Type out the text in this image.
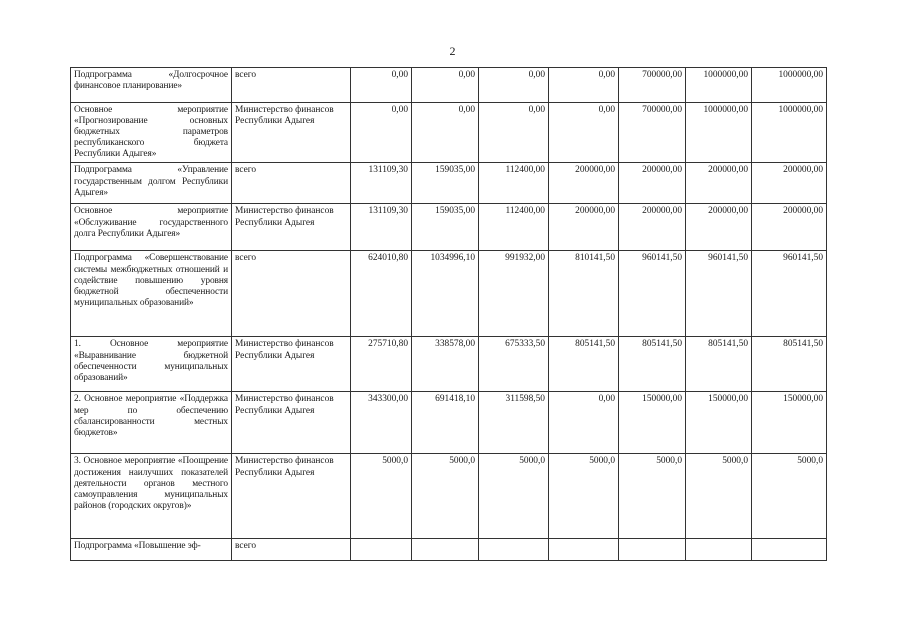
2
Подпрограмма «Долгосрочное финансовое планирование»	всего	0,00	0,00	0,00	0,00	700000,00	1000000,00	1000000,00
Основное мероприятие «Прогнозирование основных бюджетных параметров республиканского бюджета Республики Адыгея»	Министерство финансов Республики Адыгея	0,00	0,00	0,00	0,00	700000,00	1000000,00	1000000,00
Подпрограмма «Управление государственным долгом Республики Адыгея»	всего	131109,30	159035,00	112400,00	200000,00	200000,00	200000,00	200000,00
Основное мероприятие «Обслуживание государственного долга Республики Адыгея»	Министерство финансов Республики Адыгея	131109,30	159035,00	112400,00	200000,00	200000,00	200000,00	200000,00
Подпрограмма «Совершенствование системы межбюджетных отношений и содействие повышению уровня бюджетной обеспеченности муниципальных образований»	всего	624010,80	1034996,10	991932,00	810141,50	960141,50	960141,50	960141,50
1. Основное мероприятие «Выравнивание бюджетной обеспеченности муниципальных образований»	Министерство финансов Республики Адыгея	275710,80	338578,00	675333,50	805141,50	805141,50	805141,50	805141,50
2. Основное мероприятие «Поддержка мер по обеспечению сбалансированности местных бюджетов»	Министерство финансов Республики Адыгея	343300,00	691418,10	311598,50	0,00	150000,00	150000,00	150000,00
3. Основное мероприятие «Поощрение достижения наилучших показателей деятельности органов местного самоуправления муниципальных районов (городских округов)»	Министерство финансов Республики Адыгея	5000,0	5000,0	5000,0	5000,0	5000,0	5000,0	5000,0
Подпрограмма «Повышение эф-	всего							
